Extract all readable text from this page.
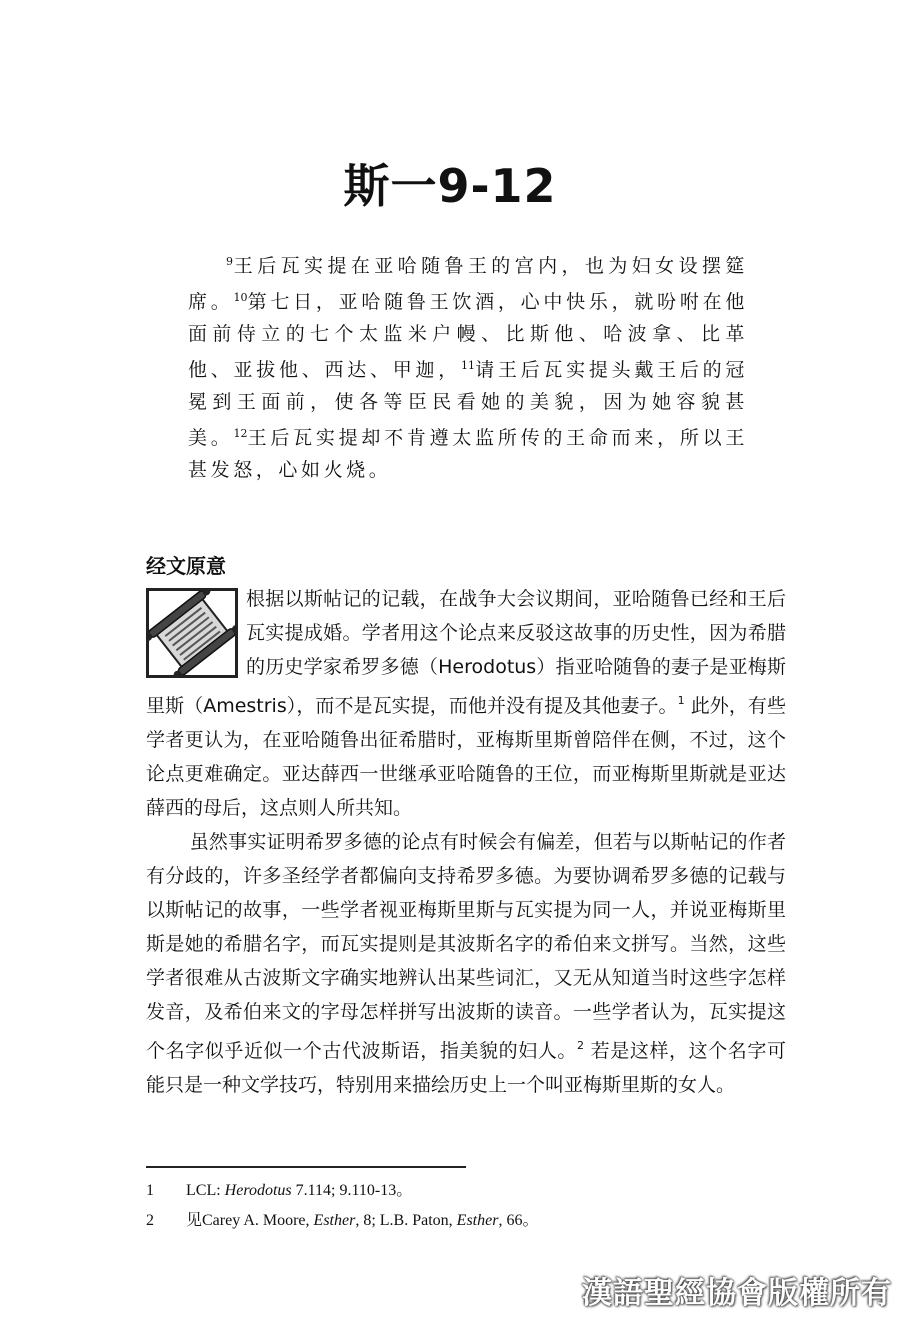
斯一9-12
$^9$王后瓦实提在亚哈随鲁王的宫内，也为妇女设摆筵席。$^{10}$第七日，亚哈随鲁王饮酒，心中快乐，就吩咐在他面前侍立的七个太监米户幔、比斯他、哈波拿、比革他、亚拔他、西达、甲迦，$^{11}$请王后瓦实提头戴王后的冠冕到王面前，使各等臣民看她的美貌，因为她容貌甚美。$^{12}$王后瓦实提却不肯遵太监所传的王命而来，所以王甚发怒，心如火烧。
经文原意

根据以斯帖记的记载，在战争大会议期间，亚哈随鲁已经和王后瓦实提成婚。学者用这个论点来反驳这故事的历史性，因为希腊的历史学家希罗多德（Herodotus）指亚哈随鲁的妻子是亚梅斯里斯（Amestris），而不是瓦实提，而他并没有提及其他妻子。$^1$ 此外，有些学者更认为，在亚哈随鲁出征希腊时，亚梅斯里斯曾陪伴在侧，不过，这个论点更难确定。亚达薛西一世继承亚哈随鲁的王位，而亚梅斯里斯就是亚达薛西的母后，这点则人所共知。

虽然事实证明希罗多德的论点有时候会有偏差，但若与以斯帖记的作者有分歧的，许多圣经学者都偏向支持希罗多德。为要协调希罗多德的记载与以斯帖记的故事，一些学者视亚梅斯里斯与瓦实提为同一人，并说亚梅斯里斯是她的希腊名字，而瓦实提则是其波斯名字的希伯来文拼写。当然，这些学者很难从古波斯文字确实地辨认出某些词汇，又无从知道当时这些字怎样发音，及希伯来文的字母怎样拼写出波斯的读音。一些学者认为，瓦实提这个名字似乎近似一个古代波斯语，指美貌的妇人。$^2$ 若是这样，这个名字可能只是一种文学技巧，特别用来描绘历史上一个叫亚梅斯里斯的女人。

1	LCL: Herodotus 7.114; 9.110-13。
2	见Carey A. Moore, Esther, 8; L.B. Paton, Esther, 66。
漢語聖經協會版權所有
